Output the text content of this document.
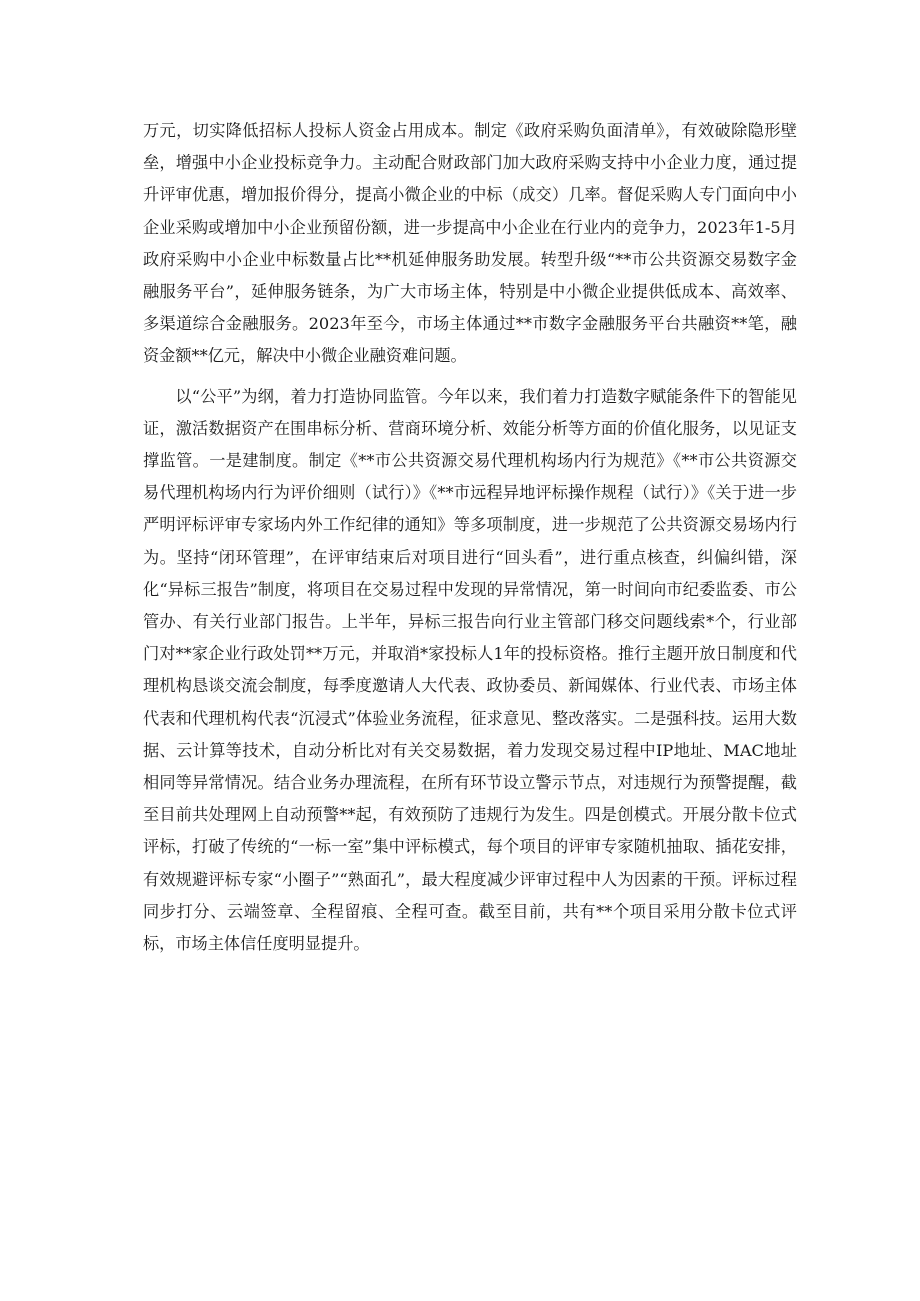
万元，切实降低招标人投标人资金占用成本。制定《政府采购负面清单》，有效破除隐形壁垒，增强中小企业投标竞争力。主动配合财政部门加大政府采购支持中小企业力度，通过提升评审优惠，增加报价得分，提高小微企业的中标（成交）几率。督促采购人专门面向中小企业采购或增加中小企业预留份额，进一步提高中小企业在行业内的竞争力，2023年1-5月政府采购中小企业中标数量占比**机延伸服务助发展。转型升级“**市公共资源交易数字金融服务平台”，延伸服务链条，为广大市场主体，特别是中小微企业提供低成本、高效率、多渠道综合金融服务。2023年至今，市场主体通过**市数字金融服务平台共融资**笔，融资金额**亿元，解决中小微企业融资难问题。

以“公平”为纲，着力打造协同监管。今年以来，我们着力打造数字赋能条件下的智能见证，激活数据资产在围串标分析、营商环境分析、效能分析等方面的价值化服务，以见证支撑监管。一是建制度。制定《**市公共资源交易代理机构场内行为规范》《**市公共资源交易代理机构场内行为评价细则（试行）》《**市远程异地评标操作规程（试行）》《关于进一步严明评标评审专家场内外工作纪律的通知》等多项制度，进一步规范了公共资源交易场内行为。坚持“闭环管理”，在评审结束后对项目进行“回头看”，进行重点核查，纠偏纠错，深化“异标三报告”制度，将项目在交易过程中发现的异常情况，第一时间向市纪委监委、市公管办、有关行业部门报告。上半年，异标三报告向行业主管部门移交问题线索*个，行业部门对**家企业行政处罚**万元，并取消*家投标人1年的投标资格。推行主题开放日制度和代理机构恳谈交流会制度，每季度邀请人大代表、政协委员、新闻媒体、行业代表、市场主体代表和代理机构代表“沉浸式”体验业务流程，征求意见、整改落实。二是强科技。运用大数据、云计算等技术，自动分析比对有关交易数据，着力发现交易过程中IP地址、MAC地址相同等异常情况。结合业务办理流程，在所有环节设立警示节点，对违规行为预警提醒，截至目前共处理网上自动预警**起，有效预防了违规行为发生。四是创模式。开展分散卡位式评标，打破了传统的“一标一室”集中评标模式，每个项目的评审专家随机抽取、插花安排，有效规避评标专家“小圈子”“熟面孔”，最大程度减少评审过程中人为因素的干预。评标过程同步打分、云端签章、全程留痕、全程可查。截至目前，共有**个项目采用分散卡位式评标，市场主体信任度明显提升。
